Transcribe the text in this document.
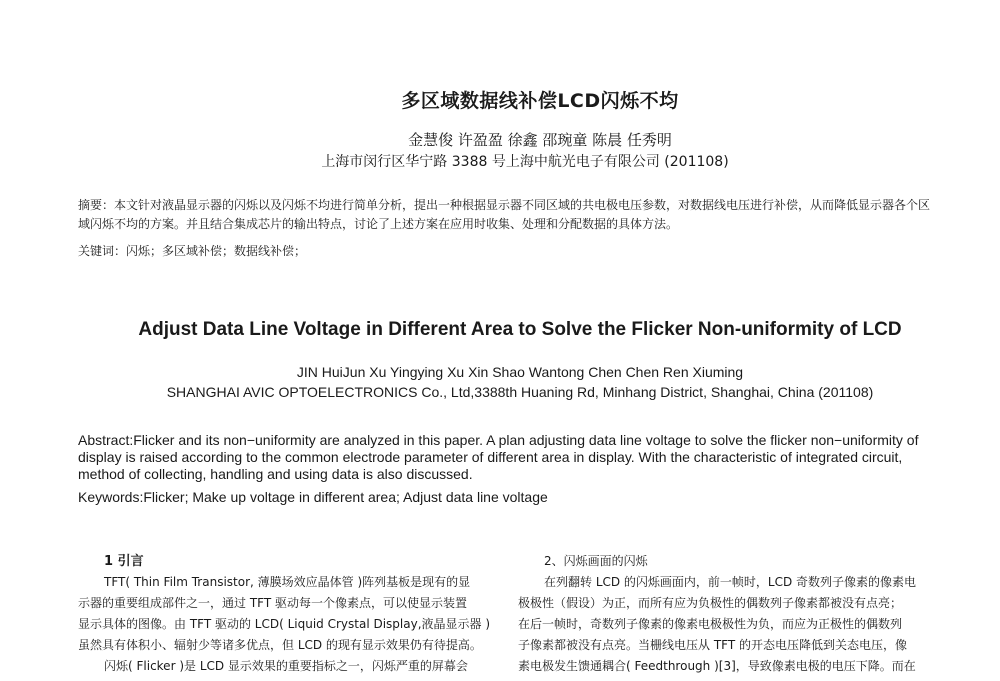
多区域数据线补偿LCD闪烁不均
金慧俊 许盈盈 徐鑫 邵琬童 陈晨 任秀明
上海市闵行区华宁路 3388 号上海中航光电子有限公司 (201108)
摘要：本文针对液晶显示器的闪烁以及闪烁不均进行简单分析，提出一种根据显示器不同区域的共电极电压参数，对数据线电压进行补偿，从而降低显示器各个区域闪烁不均的方案。并且结合集成芯片的输出特点，讨论了上述方案在应用时收集、处理和分配数据的具体方法。
关键词：闪烁；多区域补偿；数据线补偿；
Adjust Data Line Voltage in Different Area to Solve the Flicker Non-uniformity of LCD
JIN HuiJun Xu Yingying Xu Xin Shao Wantong Chen Chen Ren Xiuming
SHANGHAI AVIC OPTOELECTRONICS Co., Ltd,3388th Huaning Rd, Minhang District, Shanghai, China (201108)
Abstract:Flicker and its non−uniformity are analyzed in this paper. A plan adjusting data line voltage to solve the flicker non−uniformity of display is raised according to the common electrode parameter of different area in display. With the characteristic of integrated circuit, method of collecting, handling and using data is also discussed.
Keywords:Flicker; Make up voltage in different area; Adjust data line voltage
1 引言
TFT( Thin Film Transistor, 薄膜场效应晶体管 )阵列基板是现有的显
示器的重要组成部件之一，通过 TFT 驱动每一个像素点，可以使显示装置
显示具体的图像。由 TFT 驱动的 LCD( Liquid Crystal Display,液晶显示器 )
虽然具有体积小、辐射少等诸多优点，但 LCD 的现有显示效果仍有待提高。
闪烁( Flicker )是 LCD 显示效果的重要指标之一，闪烁严重的屏幕会
2、闪烁画面的闪烁
在列翻转 LCD 的闪烁画面内，前一帧时，LCD 奇数列子像素的像素电
极极性（假设）为正，而所有应为负极性的偶数列子像素都被没有点亮；
在后一帧时，奇数列子像素的像素电极极性为负，而应为正极性的偶数列
子像素都被没有点亮。当栅线电压从 TFT 的开态电压降低到关态电压，像
素电极发生馈通耦合( Feedthrough )[3]，导致像素电极的电压下降。而在
